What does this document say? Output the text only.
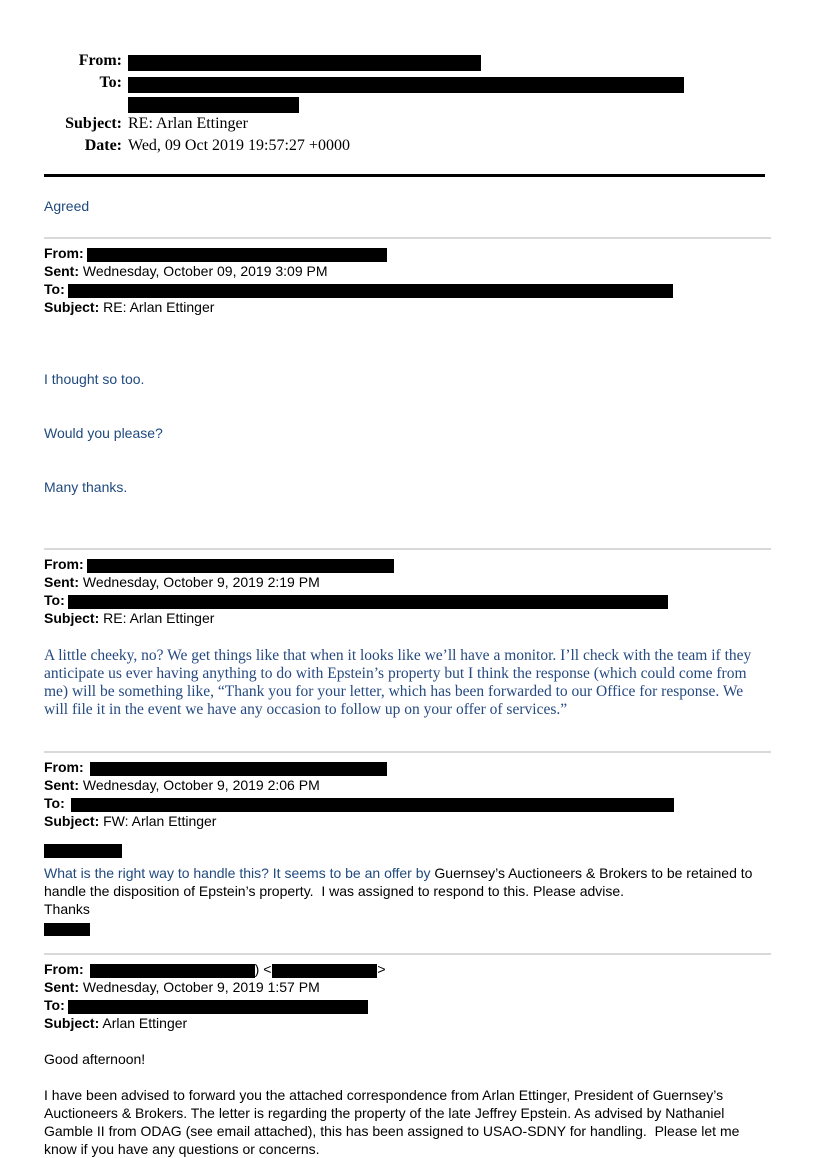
From:
To:
Subject: RE: Arlan Ettinger
Date: Wed, 09 Oct 2019 19:57:27 +0000
Agreed
From:
Sent: Wednesday, October 09, 2019 3:09 PM
To:
Subject: RE: Arlan Ettinger

I thought so too.

Would you please?

Many thanks.

From:
Sent: Wednesday, October 9, 2019 2:19 PM
To:
Subject: RE: Arlan Ettinger
A little cheeky, no? We get things like that when it looks like we’ll have a monitor. I’ll check with the team if they anticipate us ever having anything to do with Epstein’s property but I think the response (which could come from me) will be something like, “Thank you for your letter, which has been forwarded to our Office for response. We will file it in the event we have any occasion to follow up on your offer of services.”
From:
Sent: Wednesday, October 9, 2019 2:06 PM
To:
Subject: FW: Arlan Ettinger
What is the right way to handle this? It seems to be an offer by Guernsey’s Auctioneers & Brokers to be retained to handle the disposition of Epstein’s property.  I was assigned to respond to this. Please advise.
Thanks
From:	) <	>
Sent: Wednesday, October 9, 2019 1:57 PM
To:
Subject: Arlan Ettinger
Good afternoon!
I have been advised to forward you the attached correspondence from Arlan Ettinger, President of Guernsey’s Auctioneers & Brokers. The letter is regarding the property of the late Jeffrey Epstein. As advised by Nathaniel Gamble II from ODAG (see email attached), this has been assigned to USAO-SDNY for handling.  Please let me know if you have any questions or concerns.
